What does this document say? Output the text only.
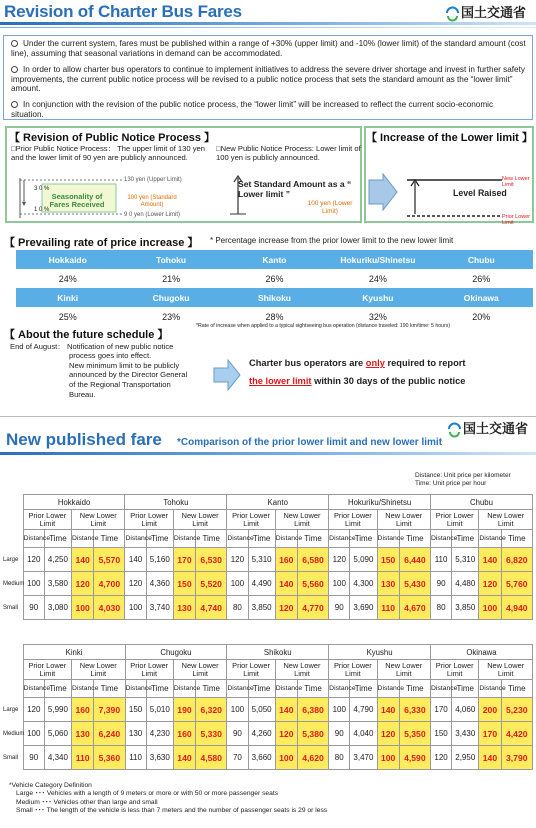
Revision of Charter Bus Fares	国土交通省

Under the current system, fares must be published within a range of +30% (upper limit) and -10% (lower limit) of the standard amount (cost line), assuming that seasonal variations in demand can be accommodated.

In order to allow charter bus operators to continue to implement initiatives to address the severe driver shortage and invest in further safety improvements, the current public notice process will be revised to a public notice process that sets the standard amount as the “lower limit” amount.

In conjunction with the revision of the public notice process, the “lower limit” will be increased to reflect the current socio-economic situation.

【 Revision of Public Notice Process 】
□Prior Public Notice Process： The upper limit of 130 yen and the lower limit of 90 yen are publicly announced.
□New Public Notice Process: Lower limit of 100 yen is publicly announced.
3 0 %
1 0 %
Seasonality of Fares Received
130 yen (Upper Limit)
100 yen (Standard Amount)
9 0 yen (Lower Limit)
Set Standard Amount as a “ Lower limit ”
100 yen (Lower Limit)
【 Increase of the Lower limit 】
New Lower Limit
Level Raised
Prior Lower Limit
【 Prevailing rate of price increase 】 * Percentage increase from the prior lower limit to the new lower limit
Hokkaido	Tohoku	Kanto	Hokuriku/Shinetsu	Chubu
24%	21%	26%	24%	26%
Kinki	Chugoku	Shikoku	Kyushu	Okinawa
25%	23%	28%	32%	20%
*Rate of increase when applied to a typical sightseeing bus operation (distance traveled: 190 km/time: 5 hours)
【 About the future schedule 】
End of August： Notification of new public notice
process goes into effect.
New minimum limit to be publicly
announced by the Director General
of the Regional Transportation
Bureau.
Charter bus operators are only required to report
the lower limit within 30 days of the public notice
国土交通省
New published fare *Comparison of the prior lower limit and new lower limit
Distance: Unit price per kilometer
Time: Unit price per hour
	Hokkaido				Tohoku				Kanto				Hokuriku/Shinetsu				Chubu			
	Prior Lower Limit		New Lower Limit		Prior Lower Limit		New Lower Limit		Prior Lower Limit		New Lower Limit		Prior Lower Limit		New Lower Limit		Prior Lower Limit		New Lower Limit	
	Distance	Time	Distance	Time	Distance	Time	Distance	Time	Distance	Time	Distance	Time	Distance	Time	Distance	Time	Distance	Time	Distance	Time
Large	120	4,250	140	5,570	140	5,160	170	6,530	120	5,310	160	6,580	120	5,090	150	6,440	110	5,310	140	6,820
Medium	100	3,580	120	4,700	120	4,360	150	5,520	100	4,490	140	5,560	100	4,300	130	5,430	90	4,480	120	5,760
Small	90	3,080	100	4,030	100	3,740	130	4,740	80	3,850	120	4,770	90	3,690	110	4,670	80	3,850	100	4,940
	Kinki				Chugoku				Shikoku				Kyushu				Okinawa			
	Prior Lower Limit		New Lower Limit		Prior Lower Limit		New Lower Limit		Prior Lower Limit		New Lower Limit		Prior Lower Limit		New Lower Limit		Prior Lower Limit		New Lower Limit	
	Distance	Time	Distance	Time	Distance	Time	Distance	Time	Distance	Time	Distance	Time	Distance	Time	Distance	Time	Distance	Time	Distance	Time
Large	120	5,990	160	7,390	150	5,010	190	6,320	100	5,050	140	6,380	100	4,790	140	6,330	170	4,060	200	5,230
Medium	100	5,060	130	6,240	130	4,230	160	5,330	90	4,260	120	5,380	90	4,040	120	5,350	150	3,430	170	4,420
Small	90	4,340	110	5,360	110	3,630	140	4,580	70	3,660	100	4,620	80	3,470	100	4,590	120	2,950	140	3,790
*Vehicle Category Definition
Large ･･･ Vehicles with a length of 9 meters or more or with 50 or more passenger seats
Medium ･･･ Vehicles other than large and small
Small ･･･ The length of the vehicle is less than 7 meters and the number of passenger seats is 29 or less
